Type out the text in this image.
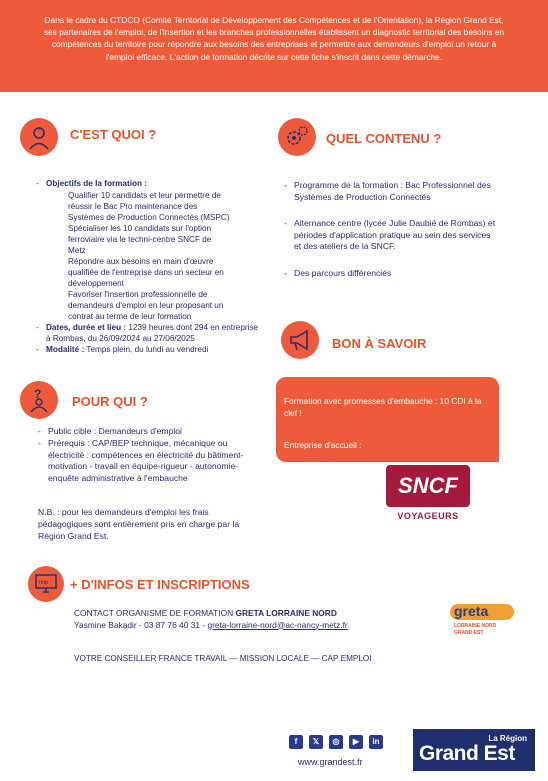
Dans le cadre du CTDCO (Comité Territorial de Développement des Compétences et de l'Orientation), la Région Grand Est, ses partenaires de l'emploi, de l'insertion et les branches professionnelles établissent un diagnostic territorial des besoins en compétences du territoire pour répondre aux besoins des entreprises et permettre aux demandeurs d'emploi un retour à l'emploi efficace. L'action de formation décrite sur cette fiche s'inscrit dans cette démarche.

? C'EST QUOI ?
- Objectifs de la formation :
Qualifier 10 candidats et leur permettre de
réussir le Bac Pro maintenance des
Systèmes de Production Connectés (MSPC)
Spécialiser les 10 candidats sur l'option
ferroviaire via le techni-centre SNCF de
Metz
Répondre aux besoins en main d'œuvre
qualifiée de l'entreprise dans un secteur en
développement
Favoriser l'insertion professionnelle de
demandeurs d'emploi en leur proposant un
contrat au terme de leur formation
- Dates, durée et lieu : 1239 heures dont 294 en entreprise à Rombas, du 26/09/2024 au 27/06/2025
- Modalité : Temps plein, du lundi au vendredi
QUEL CONTENU ?
- Programme de la formation : Bac Professionnel des Systèmes de Production Connectés
- Alternance centre (lycée Julie Daubié de Rombas) et périodes d'application pratique au sein des services et des ateliers de la SNCF.
- Des parcours différenciés
BON À SAVOIR

Formation avec promesses d'embauche : 10 CDI à la clef !

Entreprise d'accueil :

SNCF
VOYAGEURS
? POUR QUI ?
- Public cible : Demandeurs d'emploi
- Prérequis : CAP/BEP technique, mécanique ou électricité : compétences en électricité du bâtiment-motivation - travail en équipe-rigueur - autonomie- enquête administrative à l'embauche
N.B. : pour les demandeurs d'emploi les frais pédagogiques sont entièrement pris en charge par la Région Grand Est.
http + D'INFOS ET INSCRIPTIONS
CONTACT ORGANISME DE FORMATION GRETA LORRAINE NORD
Yasmine Bakadir - 03 87 76 40 31 - greta-lorraine-nord@ac-nancy-metz.fr
VOTRE CONSEILLER FRANCE TRAVAIL — MISSION LOCALE — CAP EMPLOI
greta
LORRAINE NORD
GRAND EST
f	𝕏	◎	▶	in
www.grandest.fr
La Région
Grand Est
